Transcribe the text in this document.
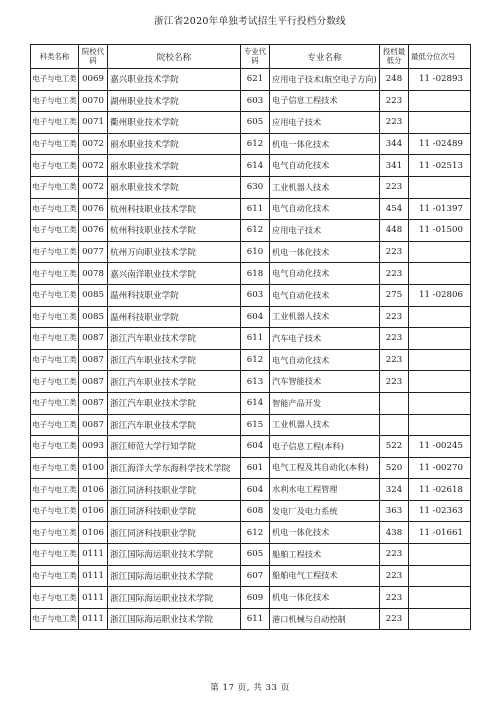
浙江省2020年单独考试招生平行投档分数线
科类名称	院校代码	院校名称	专业代码	专业名称	投档最低分	最低分位次号
电子与电工类	0069	嘉兴职业技术学院	621	应用电子技术(航空电子方向)	248	11 -02893
电子与电工类	0070	湖州职业技术学院	603	电子信息工程技术	223	
电子与电工类	0071	衢州职业技术学院	605	应用电子技术	223	
电子与电工类	0072	丽水职业技术学院	612	机电一体化技术	344	11 -02489
电子与电工类	0072	丽水职业技术学院	614	电气自动化技术	341	11 -02513
电子与电工类	0072	丽水职业技术学院	630	工业机器人技术	223	
电子与电工类	0076	杭州科技职业技术学院	611	电气自动化技术	454	11 -01397
电子与电工类	0076	杭州科技职业技术学院	612	应用电子技术	448	11 -01500
电子与电工类	0077	杭州万向职业技术学院	610	机电一体化技术	223	
电子与电工类	0078	嘉兴南洋职业技术学院	618	电气自动化技术	223	
电子与电工类	0085	温州科技职业学院	603	电气自动化技术	275	11 -02806
电子与电工类	0085	温州科技职业学院	604	工业机器人技术	223	
电子与电工类	0087	浙江汽车职业技术学院	611	汽车电子技术	223	
电子与电工类	0087	浙江汽车职业技术学院	612	电气自动化技术	223	
电子与电工类	0087	浙江汽车职业技术学院	613	汽车智能技术	223	
电子与电工类	0087	浙江汽车职业技术学院	614	智能产品开发		
电子与电工类	0087	浙江汽车职业技术学院	615	工业机器人技术		
电子与电工类	0093	浙江师范大学行知学院	604	电子信息工程(本科)	522	11 -00245
电子与电工类	0100	浙江海洋大学东海科学技术学院	601	电气工程及其自动化(本科)	520	11 -00270
电子与电工类	0106	浙江同济科技职业学院	604	水利水电工程管理	324	11 -02618
电子与电工类	0106	浙江同济科技职业学院	608	发电厂及电力系统	363	11 -02363
电子与电工类	0106	浙江同济科技职业学院	612	机电一体化技术	438	11 -01661
电子与电工类	0111	浙江国际海运职业技术学院	605	船舶工程技术	223	
电子与电工类	0111	浙江国际海运职业技术学院	607	船舶电气工程技术	223	
电子与电工类	0111	浙江国际海运职业技术学院	609	机电一体化技术	223	
电子与电工类	0111	浙江国际海运职业技术学院	611	港口机械与自动控制	223	
第 17 页, 共 33 页
